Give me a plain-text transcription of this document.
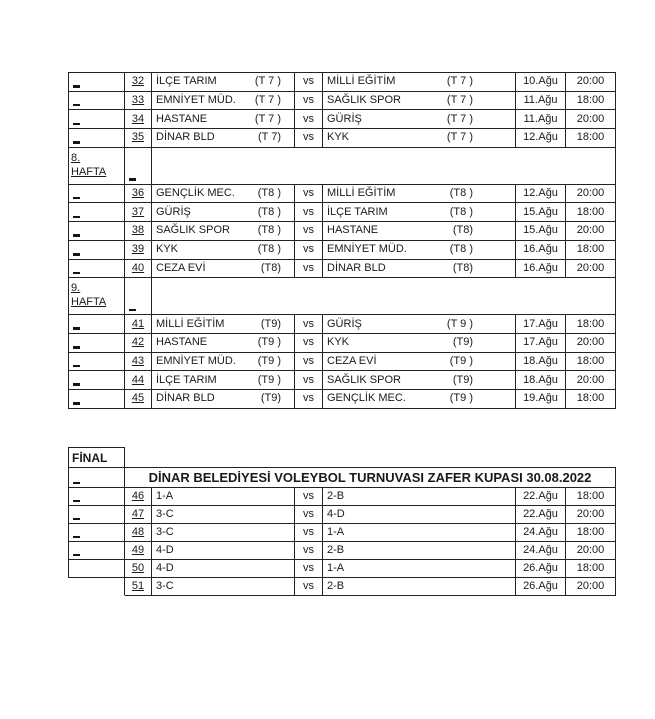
32	İLÇE TARIM	(T 7 )	vs	MİLLİ EĞİTİM	(T 7 )	10.Ağu	20:00
33	EMNİYET MÜD. (T 7 )	vs	SAĞLIK SPOR	(T 7 )	11.Ağu	18:00
34	HASTANE	(T 7 )	vs	GÜRİŞ	(T 7 )	11.Ağu	20:00
35	DİNAR BLD	(T 7)	vs	KYK	(T 7 )	12.Ağu	18:00
8.
HAFTA
36	GENÇLİK MEC. (T8 )	vs	MİLLİ EĞİTİM	(T8 )	12.Ağu	20:00
37	GÜRİŞ	(T8 )	vs	İLÇE TARIM	(T8 )	15.Ağu	18:00
38	SAĞLIK SPOR	(T8 )	vs	HASTANE	(T8)	15.Ağu	20:00
39	KYK	(T8 )	vs	EMNİYET MÜD.	(T8 )	16.Ağu	18:00
40	CEZA EVİ	(T8)	vs	DİNAR BLD	(T8)	16.Ağu	20:00
9.
HAFTA
41	MİLLİ EĞİTİM	(T9)	vs	GÜRİŞ	(T 9 )	17.Ağu	18:00
42	HASTANE	(T9 )	vs	KYK	(T9)	17.Ağu	20:00
43	EMNİYET MÜD. (T9 )	vs	CEZA EVİ	(T9 )	18.Ağu	18:00
44	İLÇE TARIM	(T9 )	vs	SAĞLIK SPOR	(T9)	18.Ağu	20:00
45	DİNAR BLD	(T9)	vs	GENÇLİK MEC.	(T9 )	19.Ağu	18:00
FİNAL
DİNAR BELEDİYESİ VOLEYBOL TURNUVASI ZAFER KUPASI 30.08.2022
46	1-A	vs	2-B	22.Ağu	18:00
47	3-C	vs	4-D	22.Ağu	20:00
48	3-C	vs	1-A	24.Ağu	18:00
49	4-D	vs	2-B	24.Ağu	20:00
50	4-D	vs	1-A	26.Ağu	18:00
51	3-C	vs	2-B	26.Ağu	20:00
